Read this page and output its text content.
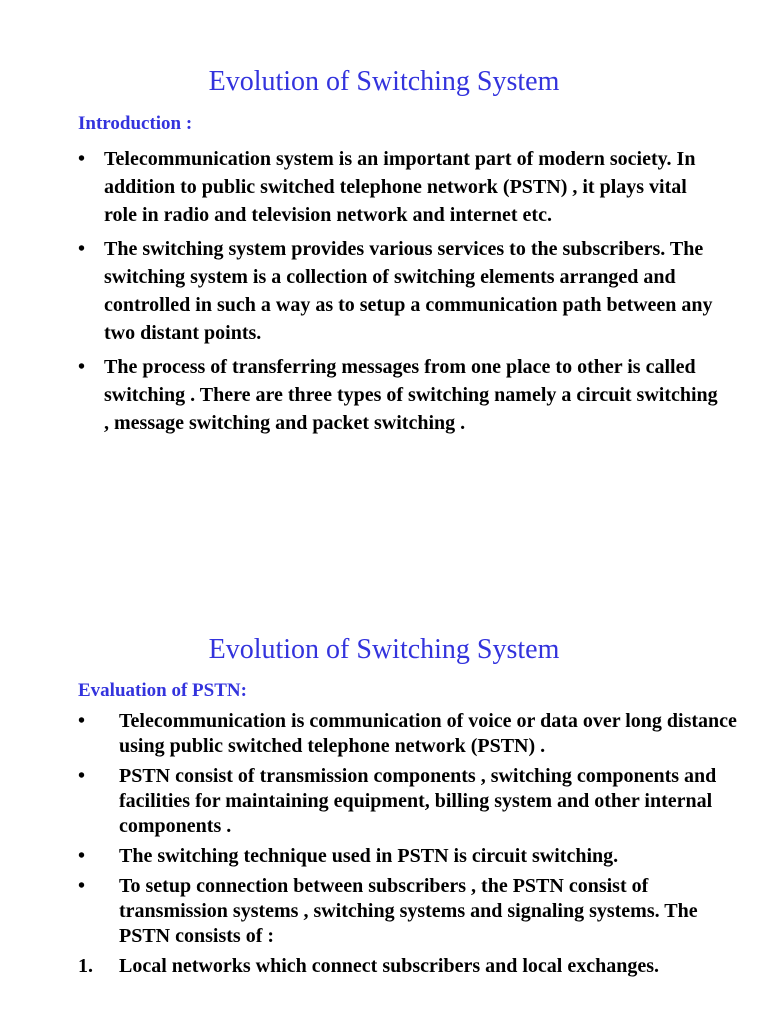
Evolution of Switching System
Introduction :
• Telecommunication system is an important part of modern society. In addition to public switched telephone network (PSTN) , it plays vital role in radio and television network and internet etc.
• The switching system provides various services to the subscribers. The switching system is a collection of switching elements arranged and controlled in such a way as to setup a communication path between any two distant points.
• The process of transferring messages from one place to other is called switching . There are three types of switching namely a circuit switching , message switching and packet switching .
Evolution of Switching System
Evaluation of PSTN:
• Telecommunication is communication of voice or data over long distance using public switched telephone network (PSTN) .
• PSTN consist of transmission components , switching components and facilities for maintaining equipment, billing system and other internal components .
• The switching technique used in PSTN is circuit switching.
• To setup connection between subscribers , the PSTN consist of transmission systems , switching systems and signaling systems. The PSTN consists of :
1. Local networks which connect subscribers and local exchanges.
